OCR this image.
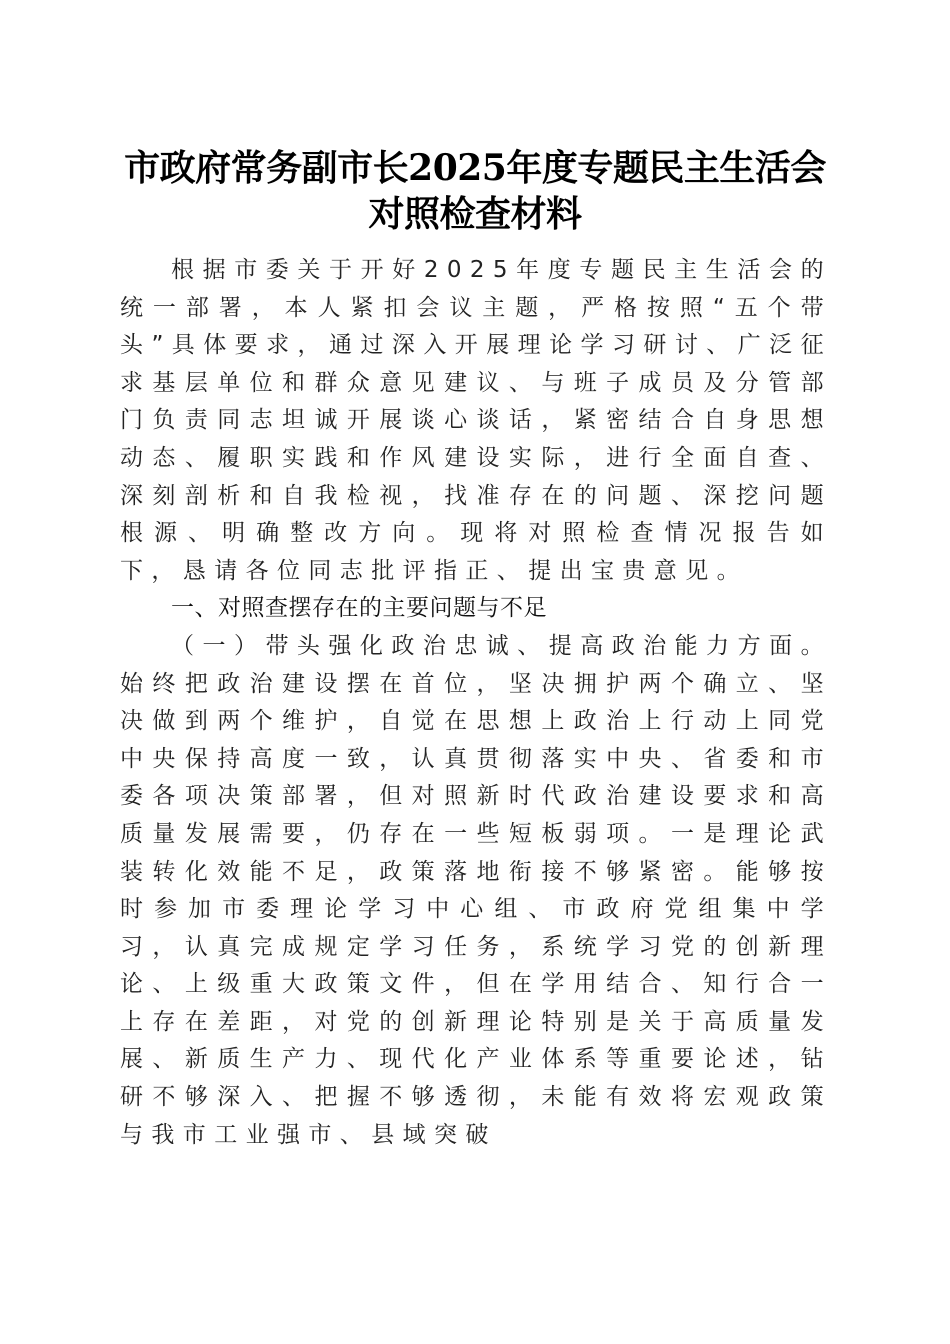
市政府常务副市长2025年度专题民主生活会
对照检查材料

根据市委关于开好2025年度专题民主生活会的统一部署，本人紧扣会议主题，严格按照“五个带头”具体要求，通过深入开展理论学习研讨、广泛征求基层单位和群众意见建议、与班子成员及分管部门负责同志坦诚开展谈心谈话，紧密结合自身思想动态、履职实践和作风建设实际，进行全面自查、深刻剖析和自我检视，找准存在的问题、深挖问题根源、明确整改方向。现将对照检查情况报告如下，恳请各位同志批评指正、提出宝贵意见。

一、对照查摆存在的主要问题与不足

（一）带头强化政治忠诚、提高政治能力方面。始终把政治建设摆在首位，坚决拥护两个确立、坚决做到两个维护，自觉在思想上政治上行动上同党中央保持高度一致，认真贯彻落实中央、省委和市委各项决策部署，但对照新时代政治建设要求和高质量发展需要，仍存在一些短板弱项。一是理论武装转化效能不足，政策落地衔接不够紧密。能够按时参加市委理论学习中心组、市政府党组集中学习，认真完成规定学习任务，系统学习党的创新理论、上级重大政策文件，但在学用结合、知行合一上存在差距，对党的创新理论特别是关于高质量发展、新质生产力、现代化产业体系等重要论述，钻研不够深入、把握不够透彻，未能有效将宏观政策与我市工业强市、县域突破
